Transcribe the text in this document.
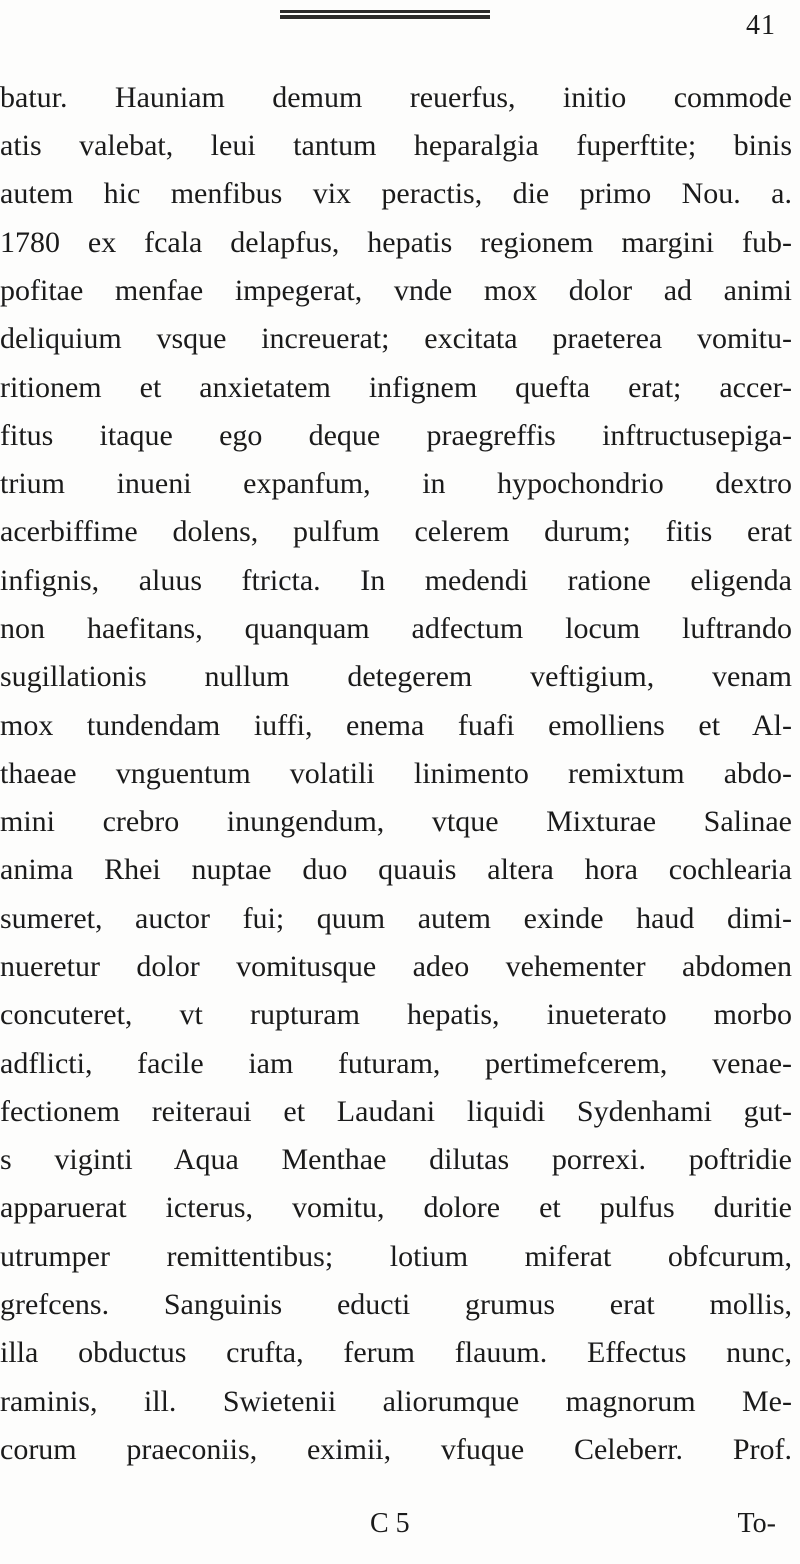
41
batur. Hauniam demum reuerfus, initio commode
atis valebat, leui tantum heparalgia fuperftite; binis
autem hic menfibus vix peractis, die primo Nou. a.
1780 ex fcala delapfus, hepatis regionem margini fub-
pofitae menfae impegerat, vnde mox dolor ad animi
deliquium vsque increuerat; excitata praeterea vomitu-
ritionem et anxietatem infignem quefta erat; accer-
fitus itaque ego deque praegreffis inftructusepiga-
trium inueni expanfum, in hypochondrio dextro
acerbiffime dolens, pulfum celerem durum; fitis erat
infignis, aluus ftricta. In medendi ratione eligenda
non haefitans, quanquam adfectum locum luftrando
sugillationis nullum detegerem veftigium, venam
mox tundendam iuffi, enema fuafi emolliens et Al-
thaeae vnguentum volatili linimento remixtum abdo-
mini crebro inungendum, vtque Mixturae Salinae
anima Rhei nuptae duo quauis altera hora cochlearia
sumeret, auctor fui; quum autem exinde haud dimi-
nueretur dolor vomitusque adeo vehementer abdomen
concuteret, vt rupturam hepatis, inueterato morbo
adflicti, facile iam futuram, pertimefcerem, venae-
fectionem reiteraui et Laudani liquidi Sydenhami gut-
s viginti Aqua Menthae dilutas porrexi. poftridie
apparuerat icterus, vomitu, dolore et pulfus duritie
utrumper remittentibus; lotium miferat obfcurum,
grefcens. Sanguinis educti grumus erat mollis,
illa obductus crufta, ferum flauum. Effectus nunc,
raminis, ill. Swietenii aliorumque magnorum Me-
corum praeconiis, eximii, vfuque Celeberr. Prof.
C 5	To-
